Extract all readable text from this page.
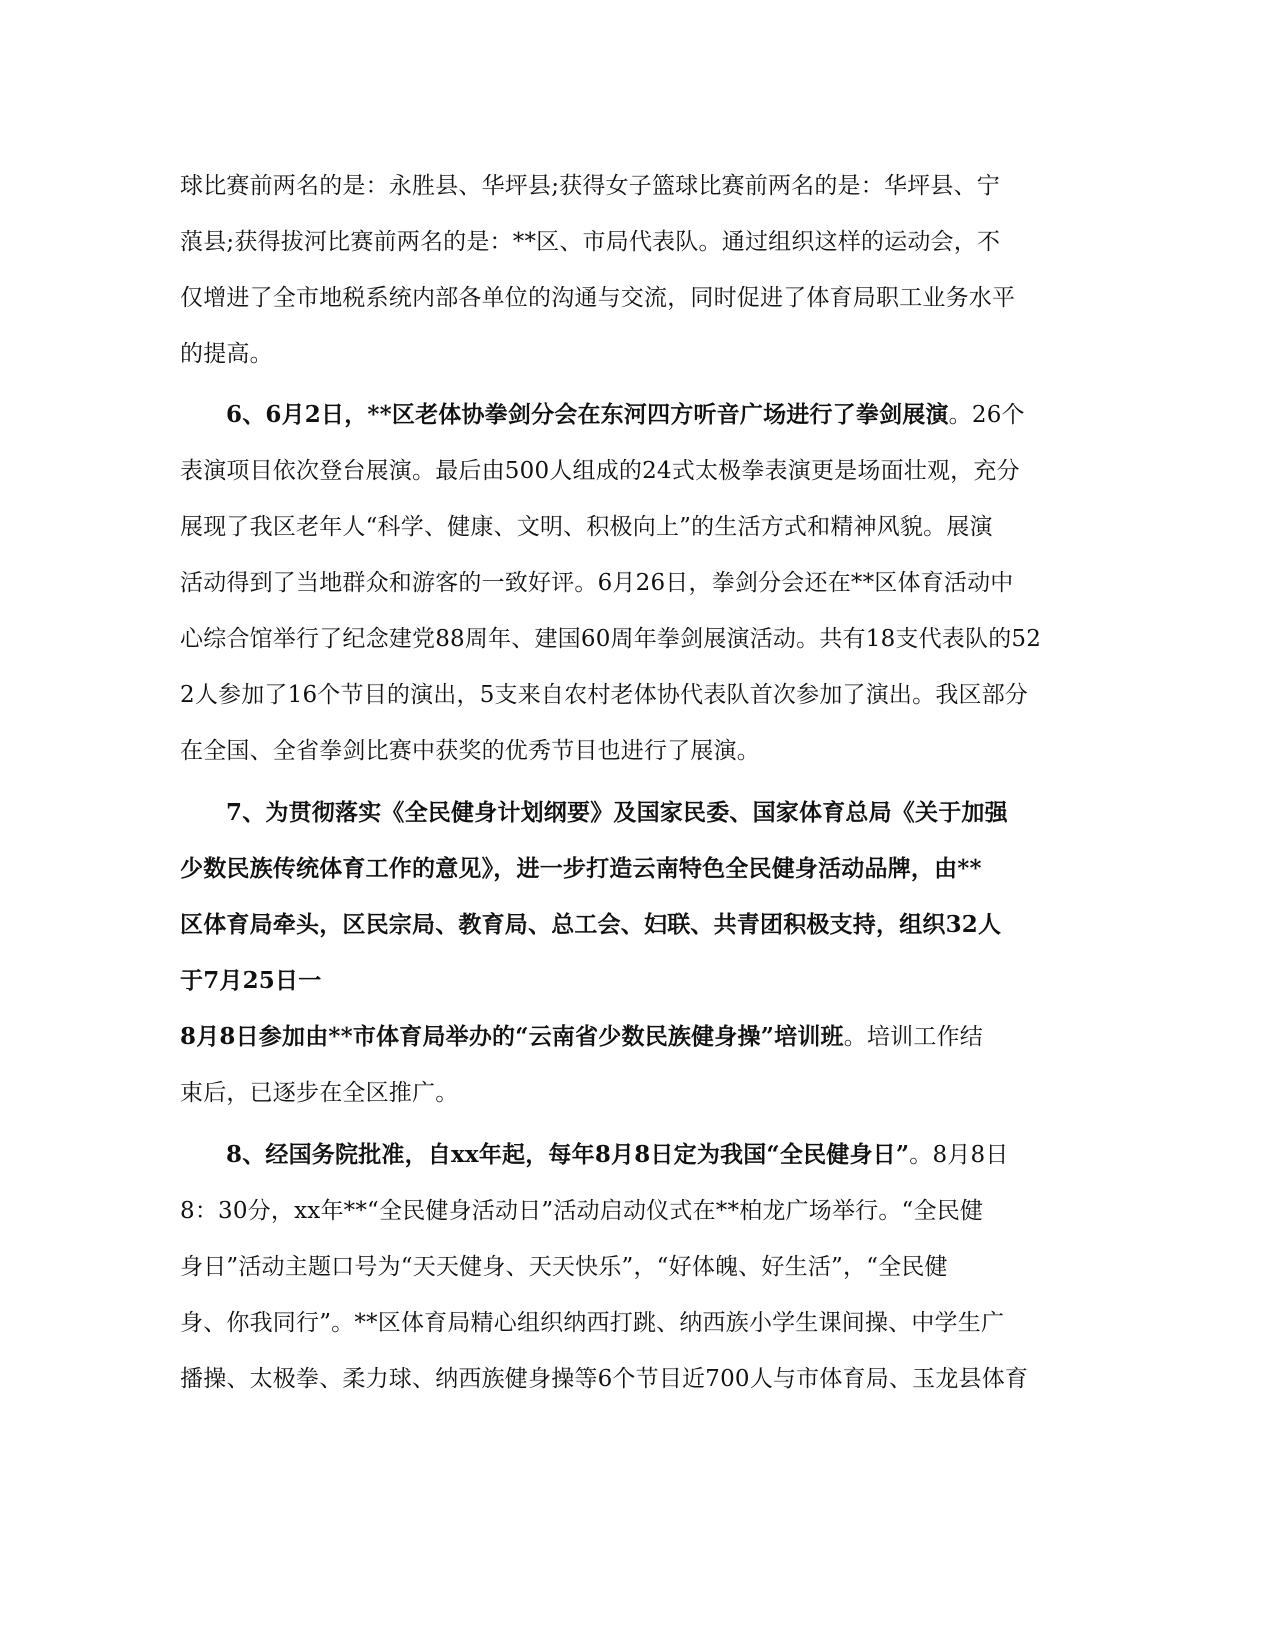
球比赛前两名的是：永胜县、华坪县;获得女子篮球比赛前两名的是：华坪县、宁
蒗县;获得拔河比赛前两名的是：**区、市局代表队。通过组织这样的运动会，不
仅增进了全市地税系统内部各单位的沟通与交流，同时促进了体育局职工业务水平
的提高。
6、6月2日，**区老体协拳剑分会在东河四方听音广场进行了拳剑展演。26个
表演项目依次登台展演。最后由500人组成的24式太极拳表演更是场面壮观，充分
展现了我区老年人“科学、健康、文明、积极向上”的生活方式和精神风貌。展演
活动得到了当地群众和游客的一致好评。6月26日，拳剑分会还在**区体育活动中
心综合馆举行了纪念建党88周年、建国60周年拳剑展演活动。共有18支代表队的52
2人参加了16个节目的演出，5支来自农村老体协代表队首次参加了演出。我区部分
在全国、全省拳剑比赛中获奖的优秀节目也进行了展演。
7、为贯彻落实《全民健身计划纲要》及国家民委、国家体育总局《关于加强
少数民族传统体育工作的意见》，进一步打造云南特色全民健身活动品牌，由**
区体育局牵头，区民宗局、教育局、总工会、妇联、共青团积极支持，组织32人
于7月25日一
8月8日参加由**市体育局举办的“云南省少数民族健身操”培训班。培训工作结
束后，已逐步在全区推广。
8、经国务院批准，自xx年起，每年8月8日定为我国“全民健身日”。8月8日
8：30分，xx年**“全民健身活动日”活动启动仪式在**柏龙广场举行。“全民健
身日”活动主题口号为“天天健身、天天快乐”，“好体魄、好生活”，“全民健
身、你我同行”。**区体育局精心组织纳西打跳、纳西族小学生课间操、中学生广
播操、太极拳、柔力球、纳西族健身操等6个节目近700人与市体育局、玉龙县体育
